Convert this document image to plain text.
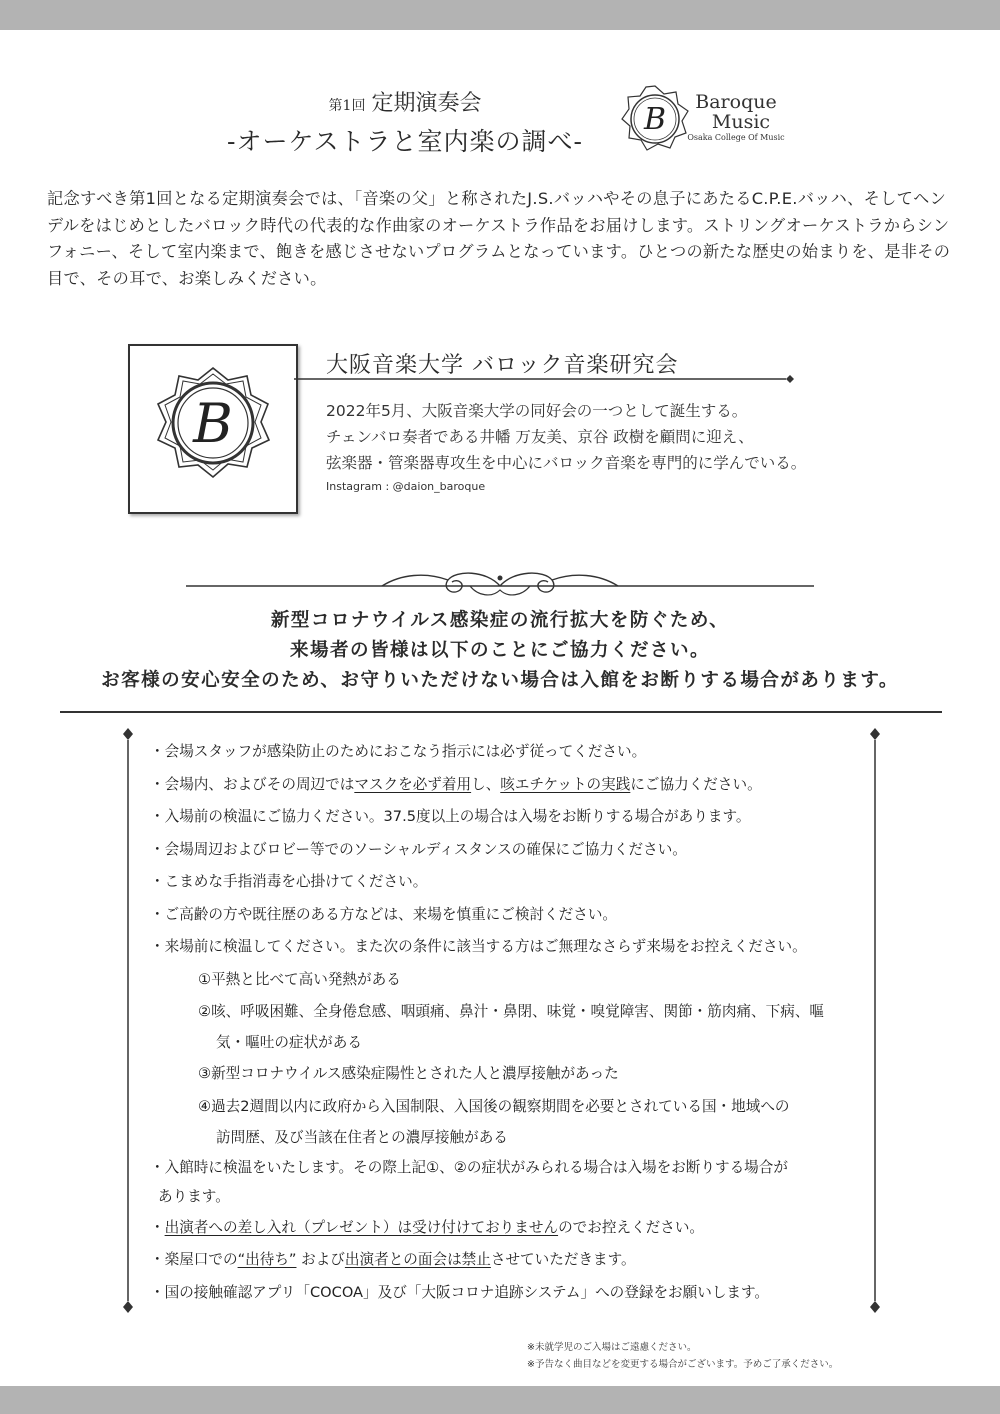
第1回 定期演奏会
-オーケストラと室内楽の調べ-
B	Baroque
Music
Osaka College Of Music
記念すべき第1回となる定期演奏会では、「音楽の父」と称されたJ.S.バッハやその息子にあたるC.P.E.バッハ、そしてヘンデルをはじめとしたバロック時代の代表的な作曲家のオーケストラ作品をお届けします。ストリングオーケストラからシンフォニー、そして室内楽まで、飽きを感じさせないプログラムとなっています。ひとつの新たな歴史の始まりを、是非その目で、その耳で、お楽しみください。
B
大阪音楽大学 バロック音楽研究会
2022年5月、大阪音楽大学の同好会の一つとして誕生する。
チェンバロ奏者である井幡 万友美、京谷 政樹を顧問に迎え、
弦楽器・管楽器専攻生を中心にバロック音楽を専門的に学んでいる。
Instagram : @daion_baroque
新型コロナウイルス感染症の流行拡大を防ぐため、
来場者の皆様は以下のことにご協力ください。
お客様の安心安全のため、お守りいただけない場合は入館をお断りする場合があります。
・会場スタッフが感染防止のためにおこなう指示には必ず従ってください。
・会場内、およびその周辺ではマスクを必ず着用し、咳エチケットの実践にご協力ください。
・入場前の検温にご協力ください。37.5度以上の場合は入場をお断りする場合があります。
・会場周辺およびロビー等でのソーシャルディスタンスの確保にご協力ください。
・こまめな手指消毒を心掛けてください。
・ご高齢の方や既往歴のある方などは、来場を慎重にご検討ください。
・来場前に検温してください。また次の条件に該当する方はご無理なさらず来場をお控えください。
①平熱と比べて高い発熱がある
②咳、呼吸困難、全身倦怠感、咽頭痛、鼻汁・鼻閉、味覚・嗅覚障害、関節・筋肉痛、下病、嘔
気・嘔吐の症状がある
③新型コロナウイルス感染症陽性とされた人と濃厚接触があった
④過去2週間以内に政府から入国制限、入国後の観察期間を必要とされている国・地域への
訪問歴、及び当該在住者との濃厚接触がある
・入館時に検温をいたします。その際上記①、②の症状がみられる場合は入場をお断りする場合が
あります。
・出演者への差し入れ（プレゼント）は受け付けておりませんのでお控えください。
・楽屋口での“出待ち” および出演者との面会は禁止させていただきます。
・国の接触確認アプリ「COCOA」及び「大阪コロナ追跡システム」への登録をお願いします。
※未就学児のご入場はご遠慮ください。
※予告なく曲目などを変更する場合がございます。予めご了承ください。
